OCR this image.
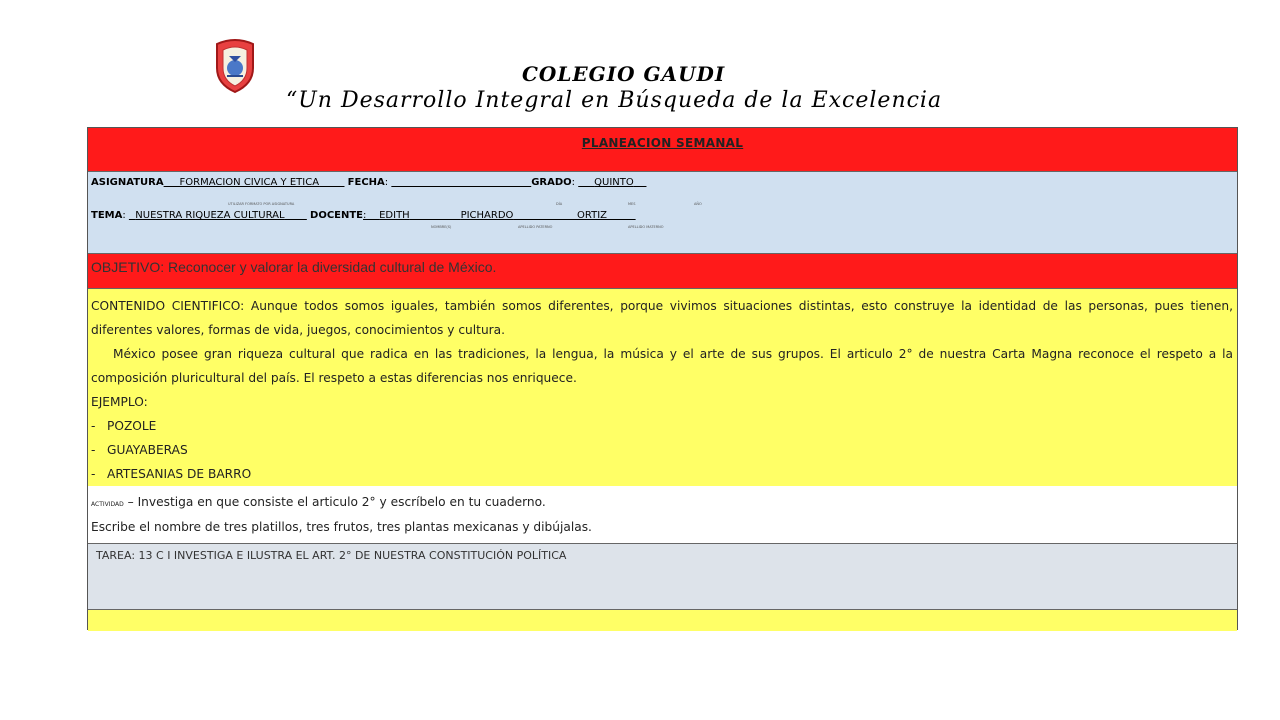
COLEGIO GAUDI
“Un Desarrollo Integral en Búsqueda de la Excelencia
PLANEACION SEMANAL
ASIGNATURA FORMACION CIVICA Y ETICA	FECHA:	GRADO:      QUINTO
UTILIZAR FORMATO POR ASIGNATURA	DÍA	MES	AÑO
TEMA:   NUESTRA RIQUEZA CULTURAL	DOCENTE:    EDITH	PICHARDO	ORTIZ
NOMBRE(S)	APELLIDO PATERNO	APELLIDO MATERNO
OBJETIVO: Reconocer y valorar la diversidad cultural de México.

CONTENIDO CIENTIFICO: Aunque todos somos iguales, también somos diferentes, porque vivimos situaciones distintas, esto construye la identidad de las personas, pues tienen, diferentes valores, formas de vida, juegos, conocimientos y cultura.

México posee gran riqueza cultural que radica en las tradiciones, la lengua, la música y el arte de sus grupos. El articulo 2° de nuestra Carta Magna reconoce el respeto a la composición pluricultural del país. El respeto a estas diferencias nos enriquece.

EJEMPLO:
- POZOLE
- GUAYABERAS
- ARTESANIAS DE BARRO
ACTIVIDAD – Investiga en que consiste el articulo 2° y escríbelo en tu cuaderno.
Escribe el nombre de tres platillos, tres frutos, tres plantas mexicanas y dibújalas.
TAREA: 13 C I INVESTIGA E ILUSTRA EL ART. 2° DE NUESTRA CONSTITUCIÓN POLÍTICA
